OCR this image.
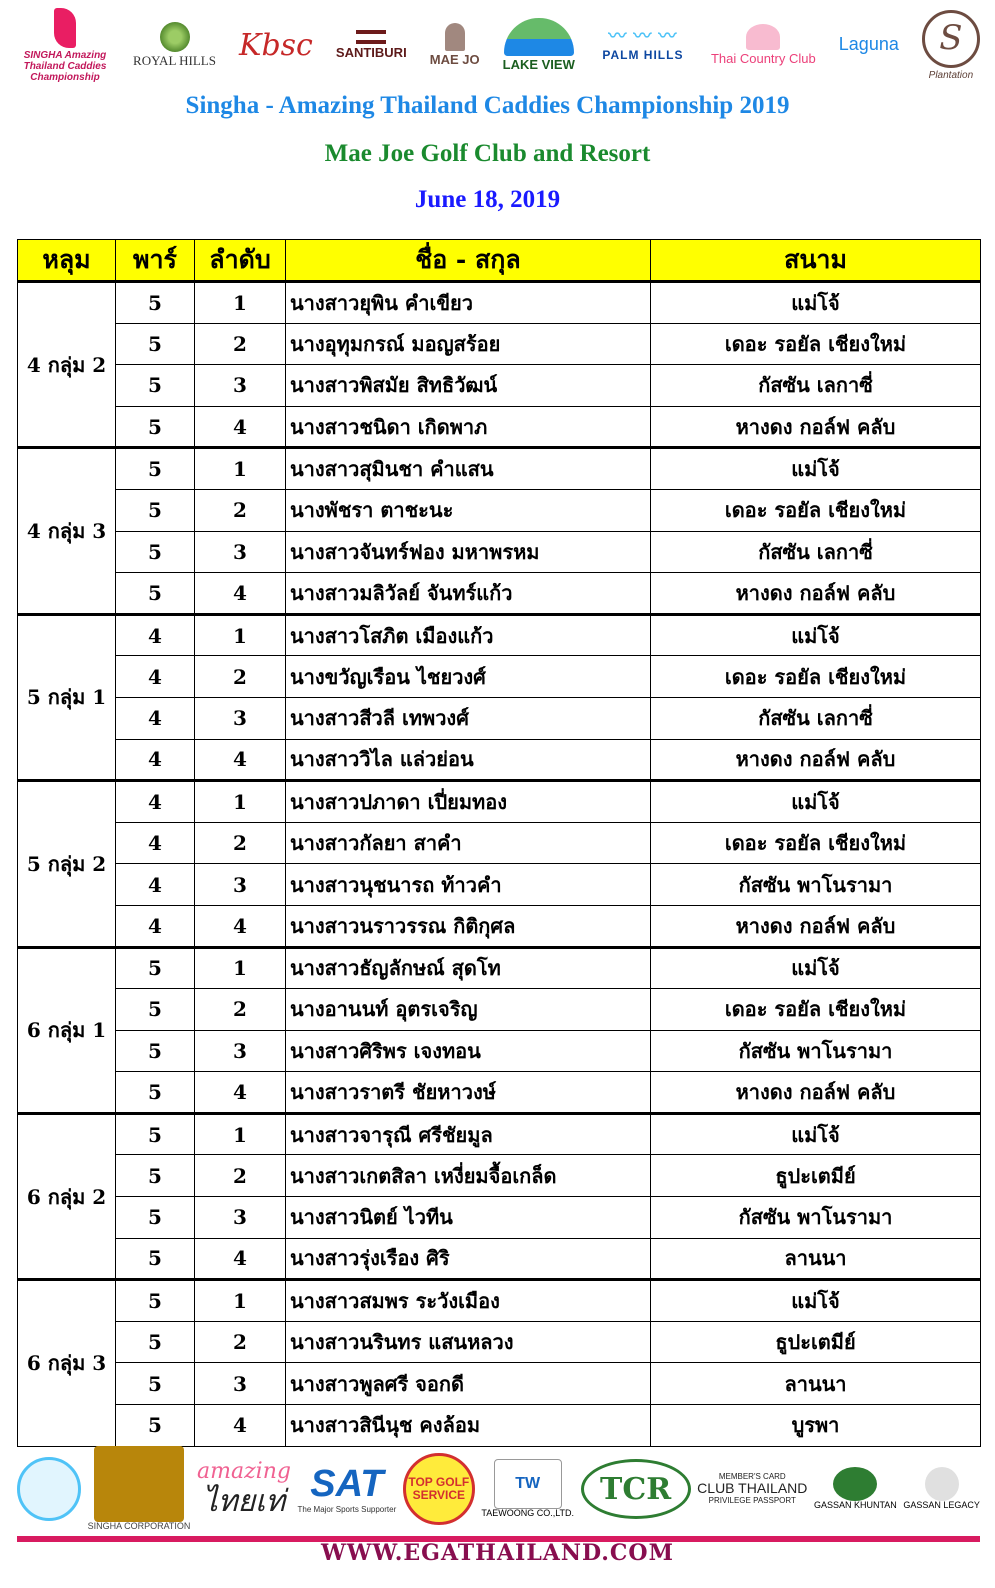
SINGHA Amazing Thailand Caddies Championship
ROYAL HILLS Kbsc SANTIBURI MAE JO LAKE VIEW
〰 〰 〰
PALM HILLS Thai Country Club
Laguna	S
Plantation
Singha - Amazing Thailand Caddies Championship 2019
Mae Joe Golf Club and Resort
June 18, 2019
หลุม	พาร์	ลำดับ	ชื่อ - สกุล	สนาม
4 กลุ่ม 2	5	1	นางสาวยุพิน คำเขียว	แม่โจ้
	5	2	นางอุทุมกรณ์ มอญสร้อย	เดอะ รอยัล เชียงใหม่
	5	3	นางสาวพิสมัย สิทธิวัฒน์	กัสซัน เลกาซี่
	5	4	นางสาวชนิดา เกิดพาภ	หางดง กอล์ฟ คลับ
4 กลุ่ม 3	5	1	นางสาวสุมินชา คำแสน	แม่โจ้
	5	2	นางพัชรา ตาชะนะ	เดอะ รอยัล เชียงใหม่
	5	3	นางสาวจันทร์ฟอง มหาพรหม	กัสซัน เลกาซี่
	5	4	นางสาวมลิวัลย์ จันทร์แก้ว	หางดง กอล์ฟ คลับ
5 กลุ่ม 1	4	1	นางสาวโสภิต เมืองแก้ว	แม่โจ้
	4	2	นางขวัญเรือน ไชยวงศ์	เดอะ รอยัล เชียงใหม่
	4	3	นางสาวสีวลี เทพวงศ์	กัสซัน เลกาซี่
	4	4	นางสาววิไล แล่วย่อน	หางดง กอล์ฟ คลับ
5 กลุ่ม 2	4	1	นางสาวปภาดา เปี่ยมทอง	แม่โจ้
	4	2	นางสาวกัลยา สาคำ	เดอะ รอยัล เชียงใหม่
	4	3	นางสาวนุชนารถ ท้าวคำ	กัสซัน พาโนรามา
	4	4	นางสาวนราวรรณ กิติกุศล	หางดง กอล์ฟ คลับ
6 กลุ่ม 1	5	1	นางสาวธัญลักษณ์ สุดโท	แม่โจ้
	5	2	นางอานนท์ อุตรเจริญ	เดอะ รอยัล เชียงใหม่
	5	3	นางสาวศิริพร เจงทอน	กัสซัน พาโนรามา
	5	4	นางสาวราตรี ชัยหาวงษ์	หางดง กอล์ฟ คลับ
6 กลุ่ม 2	5	1	นางสาวจารุณี ศรีชัยมูล	แม่โจ้
	5	2	นางสาวเกตสิลา เหงี่ยมจื้อเกล็ด	ธูปะเตมีย์
	5	3	นางสาวนิตย์ ไวทีน	กัสซัน พาโนรามา
	5	4	นางสาวรุ่งเรือง ศิริ	ลานนา
6 กลุ่ม 3	5	1	นางสาวสมพร ระวังเมือง	แม่โจ้
	5	2	นางสาวนรินทร แสนหลวง	ธูปะเตมีย์
	5	3	นางสาวพูลศรี จอกดี	ลานนา
	5	4	นางสาวสินีนุช คงล้อม	บูรพา
SINGHA CORPORATION
amazing
ไทยเท่ SAT
The Major Sports Supporter
TOP GOLF SERVICE
TW
TAEWOONG CO.,LTD.
TCR	MEMBER'S CARD
CLUB THAILAND
PRIVILEGE PASSPORT GASSAN KHUNTAN GASSAN LEGACY
WWW.EGATHAILAND.COM
